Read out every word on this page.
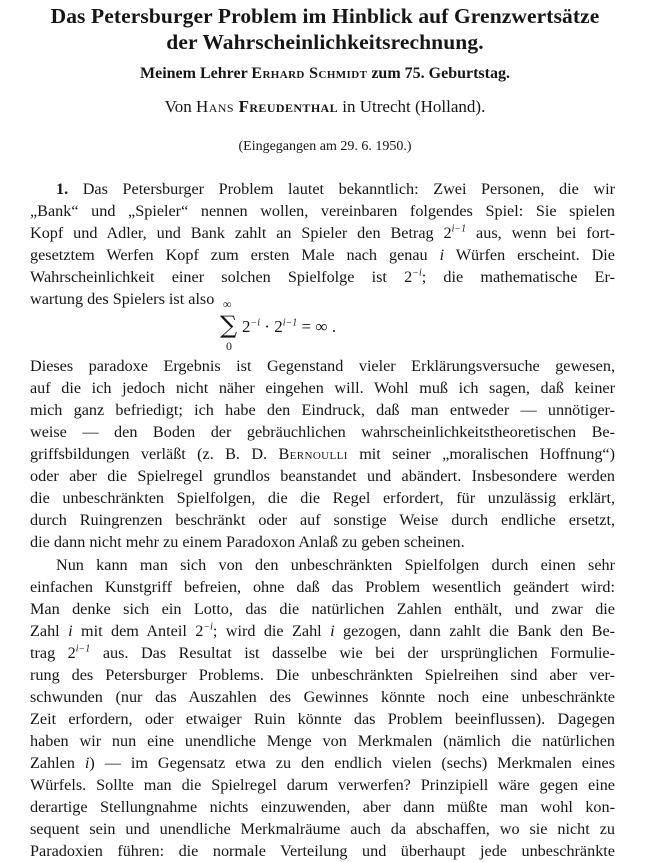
Das Petersburger Problem im Hinblick auf Grenzwertsätze
der Wahrscheinlichkeitsrechnung.
Meinem Lehrer Erhard Schmidt zum 75. Geburtstag.
Von Hans Freudenthal in Utrecht (Holland).
(Eingegangen am 29. 6. 1950.)
1. Das Petersburger Problem lautet bekanntlich: Zwei Personen, die wir
„Bank“ und „Spieler“ nennen wollen, vereinbaren folgendes Spiel: Sie spielen
Kopf und Adler, und Bank zahlt an Spieler den Betrag $2^{i-1}$ aus, wenn bei fort-
gesetztem Werfen Kopf zum ersten Male nach genau i Würfen erscheint. Die
Wahrscheinlichkeit einer solchen Spielfolge ist $2^{-i}$; die mathematische Er-
wartung des Spielers ist also ∞
∑
0
$2^{-i} \cdot 2^{i-1}$ = ∞ .
Dieses paradoxe Ergebnis ist Gegenstand vieler Erklärungsversuche gewesen,
auf die ich jedoch nicht näher eingehen will. Wohl muß ich sagen, daß keiner
mich ganz befriedigt; ich habe den Eindruck, daß man entweder — unnötiger-
weise — den Boden der gebräuchlichen wahrscheinlichkeitstheoretischen Be-
griffsbildungen verläßt (z. B. D. Bernoulli mit seiner „moralischen Hoffnung“)
oder aber die Spielregel grundlos beanstandet und abändert. Insbesondere werden
die unbeschränkten Spielfolgen, die die Regel erfordert, für unzulässig erklärt,
durch Ruingrenzen beschränkt oder auf sonstige Weise durch endliche ersetzt,
die dann nicht mehr zu einem Paradoxon Anlaß zu geben scheinen.
Nun kann man sich von den unbeschränkten Spielfolgen durch einen sehr
einfachen Kunstgriff befreien, ohne daß das Problem wesentlich geändert wird:
Man denke sich ein Lotto, das die natürlichen Zahlen enthält, und zwar die
Zahl i mit dem Anteil $2^{-i}$; wird die Zahl i gezogen, dann zahlt die Bank den Be-
trag $2^{i-1}$ aus. Das Resultat ist dasselbe wie bei der ursprünglichen Formulie-
rung des Petersburger Problems. Die unbeschränkten Spielreihen sind aber ver-
schwunden (nur das Auszahlen des Gewinnes könnte noch eine unbeschränkte
Zeit erfordern, oder etwaiger Ruin könnte das Problem beeinflussen). Dagegen
haben wir nun eine unendliche Menge von Merkmalen (nämlich die natürlichen
Zahlen i) — im Gegensatz etwa zu den endlich vielen (sechs) Merkmalen eines
Würfels. Sollte man die Spielregel darum verwerfen? Prinzipiell wäre gegen eine
derartige Stellungnahme nichts einzuwenden, aber dann müßte man wohl kon-
sequent sein und unendliche Merkmalräume auch da abschaffen, wo sie nicht zu
Paradoxien führen: die normale Verteilung und überhaupt jede unbeschränkte
